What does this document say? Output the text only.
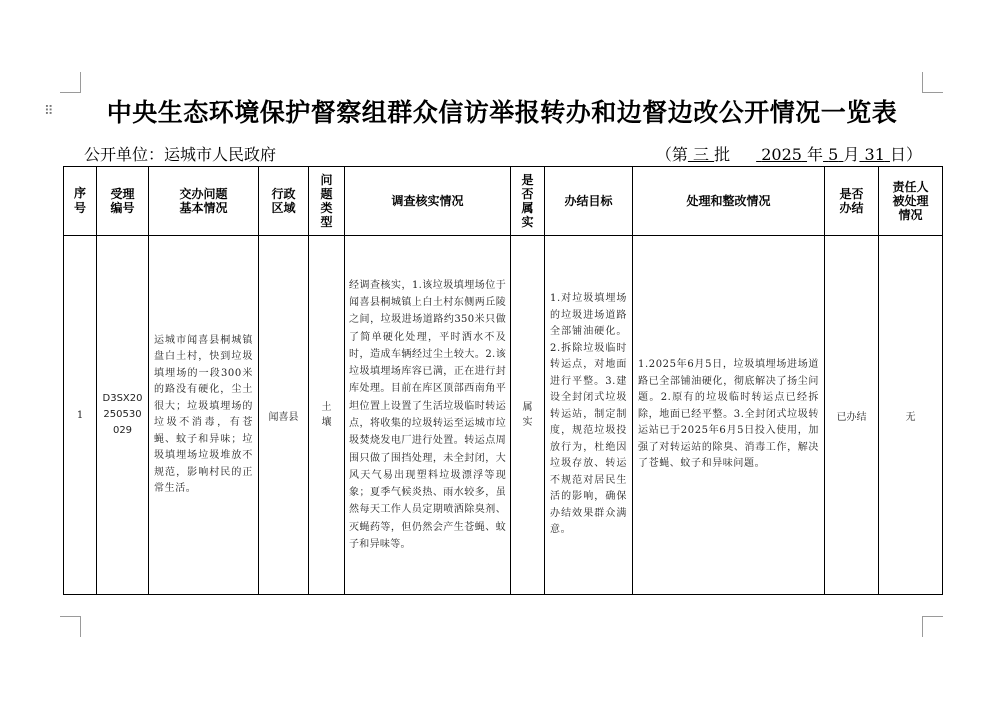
⠿	中央生态环境保护督察组群众信访举报转办和边督边改公开情况一览表
公开单位：运城市人民政府	（第 三 批 2025 年 5 月 31 日）
序号	受理编号	交办问题基本情况	行政区域	问题类型	调查核实情况	是否属实	办结目标	处理和整改情况	是否办结	责任人被处理情况
1	D3SX20250530029	运城市闻喜县桐城镇盘白土村，快到垃圾填埋场的一段300米的路没有硬化，尘土很大；垃圾填埋场的垃圾不消毒，有苍蝇、蚊子和异味；垃圾填埋场垃圾堆放不规范，影响村民的正常生活。	闻喜县	土壤	经调查核实，1.该垃圾填埋场位于闻喜县桐城镇上白土村东侧两丘陵之间，垃圾进场道路约350米只做了简单硬化处理，平时洒水不及时，造成车辆经过尘土较大。2.该垃圾填埋场库容已满，正在进行封库处理。目前在库区顶部西南角平坦位置上设置了生活垃圾临时转运点，将收集的垃圾转运至运城市垃圾焚烧发电厂进行处置。转运点周围只做了围挡处理，未全封闭，大风天气易出现塑料垃圾漂浮等现象；夏季气候炎热、雨水较多，虽然每天工作人员定期喷洒除臭剂、灭蝇药等，但仍然会产生苍蝇、蚊子和异味等。	属实	1.对垃圾填埋场的垃圾进场道路全部铺油硬化。2.拆除垃圾临时转运点，对地面进行平整。3.建设全封闭式垃圾转运站，制定制度，规范垃圾投放行为，杜绝因垃圾存放、转运不规范对居民生活的影响，确保办结效果群众满意。	1.2025年6月5日，垃圾填埋场进场道路已全部铺油硬化，彻底解决了扬尘问题。2.原有的垃圾临时转运点已经拆除，地面已经平整。3.全封闭式垃圾转运站已于2025年6月5日投入使用，加强了对转运站的除臭、消毒工作，解决了苍蝇、蚊子和异味问题。	已办结	无
